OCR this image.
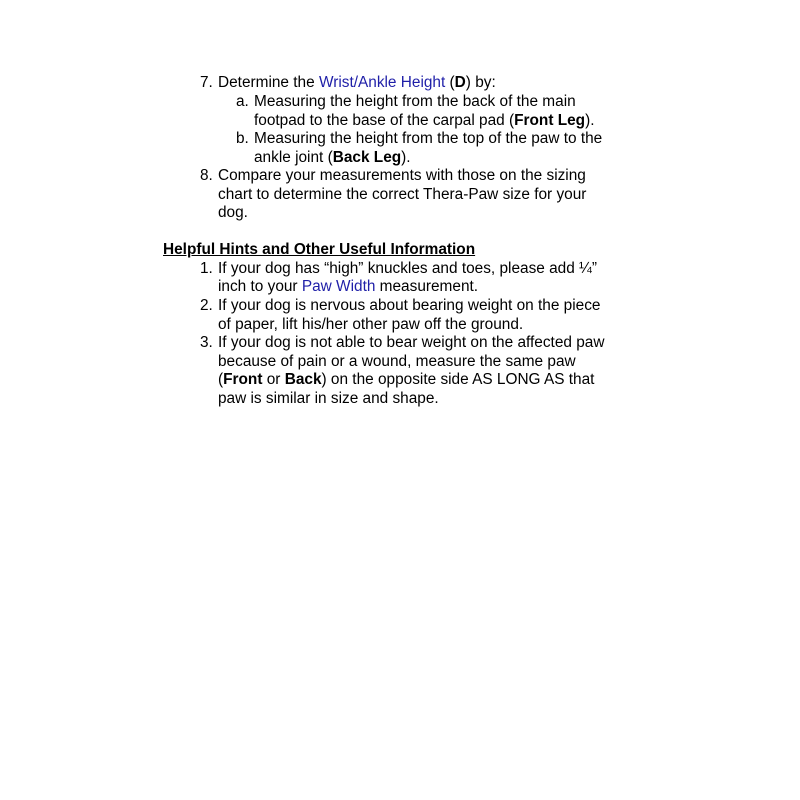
7. Determine the Wrist/Ankle Height (D) by:
a. Measuring the height from the back of the main
footpad to the base of the carpal pad (Front Leg).
b. Measuring the height from the top of the paw to the
ankle joint (Back Leg).
8. Compare your measurements with those on the sizing
chart to determine the correct Thera-Paw size for your
dog.
Helpful Hints and Other Useful Information
1. If your dog has “high” knuckles and toes, please add ¼”
inch to your Paw Width measurement.
2. If your dog is nervous about bearing weight on the piece
of paper, lift his/her other paw off the ground.
3. If your dog is not able to bear weight on the affected paw
because of pain or a wound, measure the same paw
(Front or Back) on the opposite side AS LONG AS that
paw is similar in size and shape.
